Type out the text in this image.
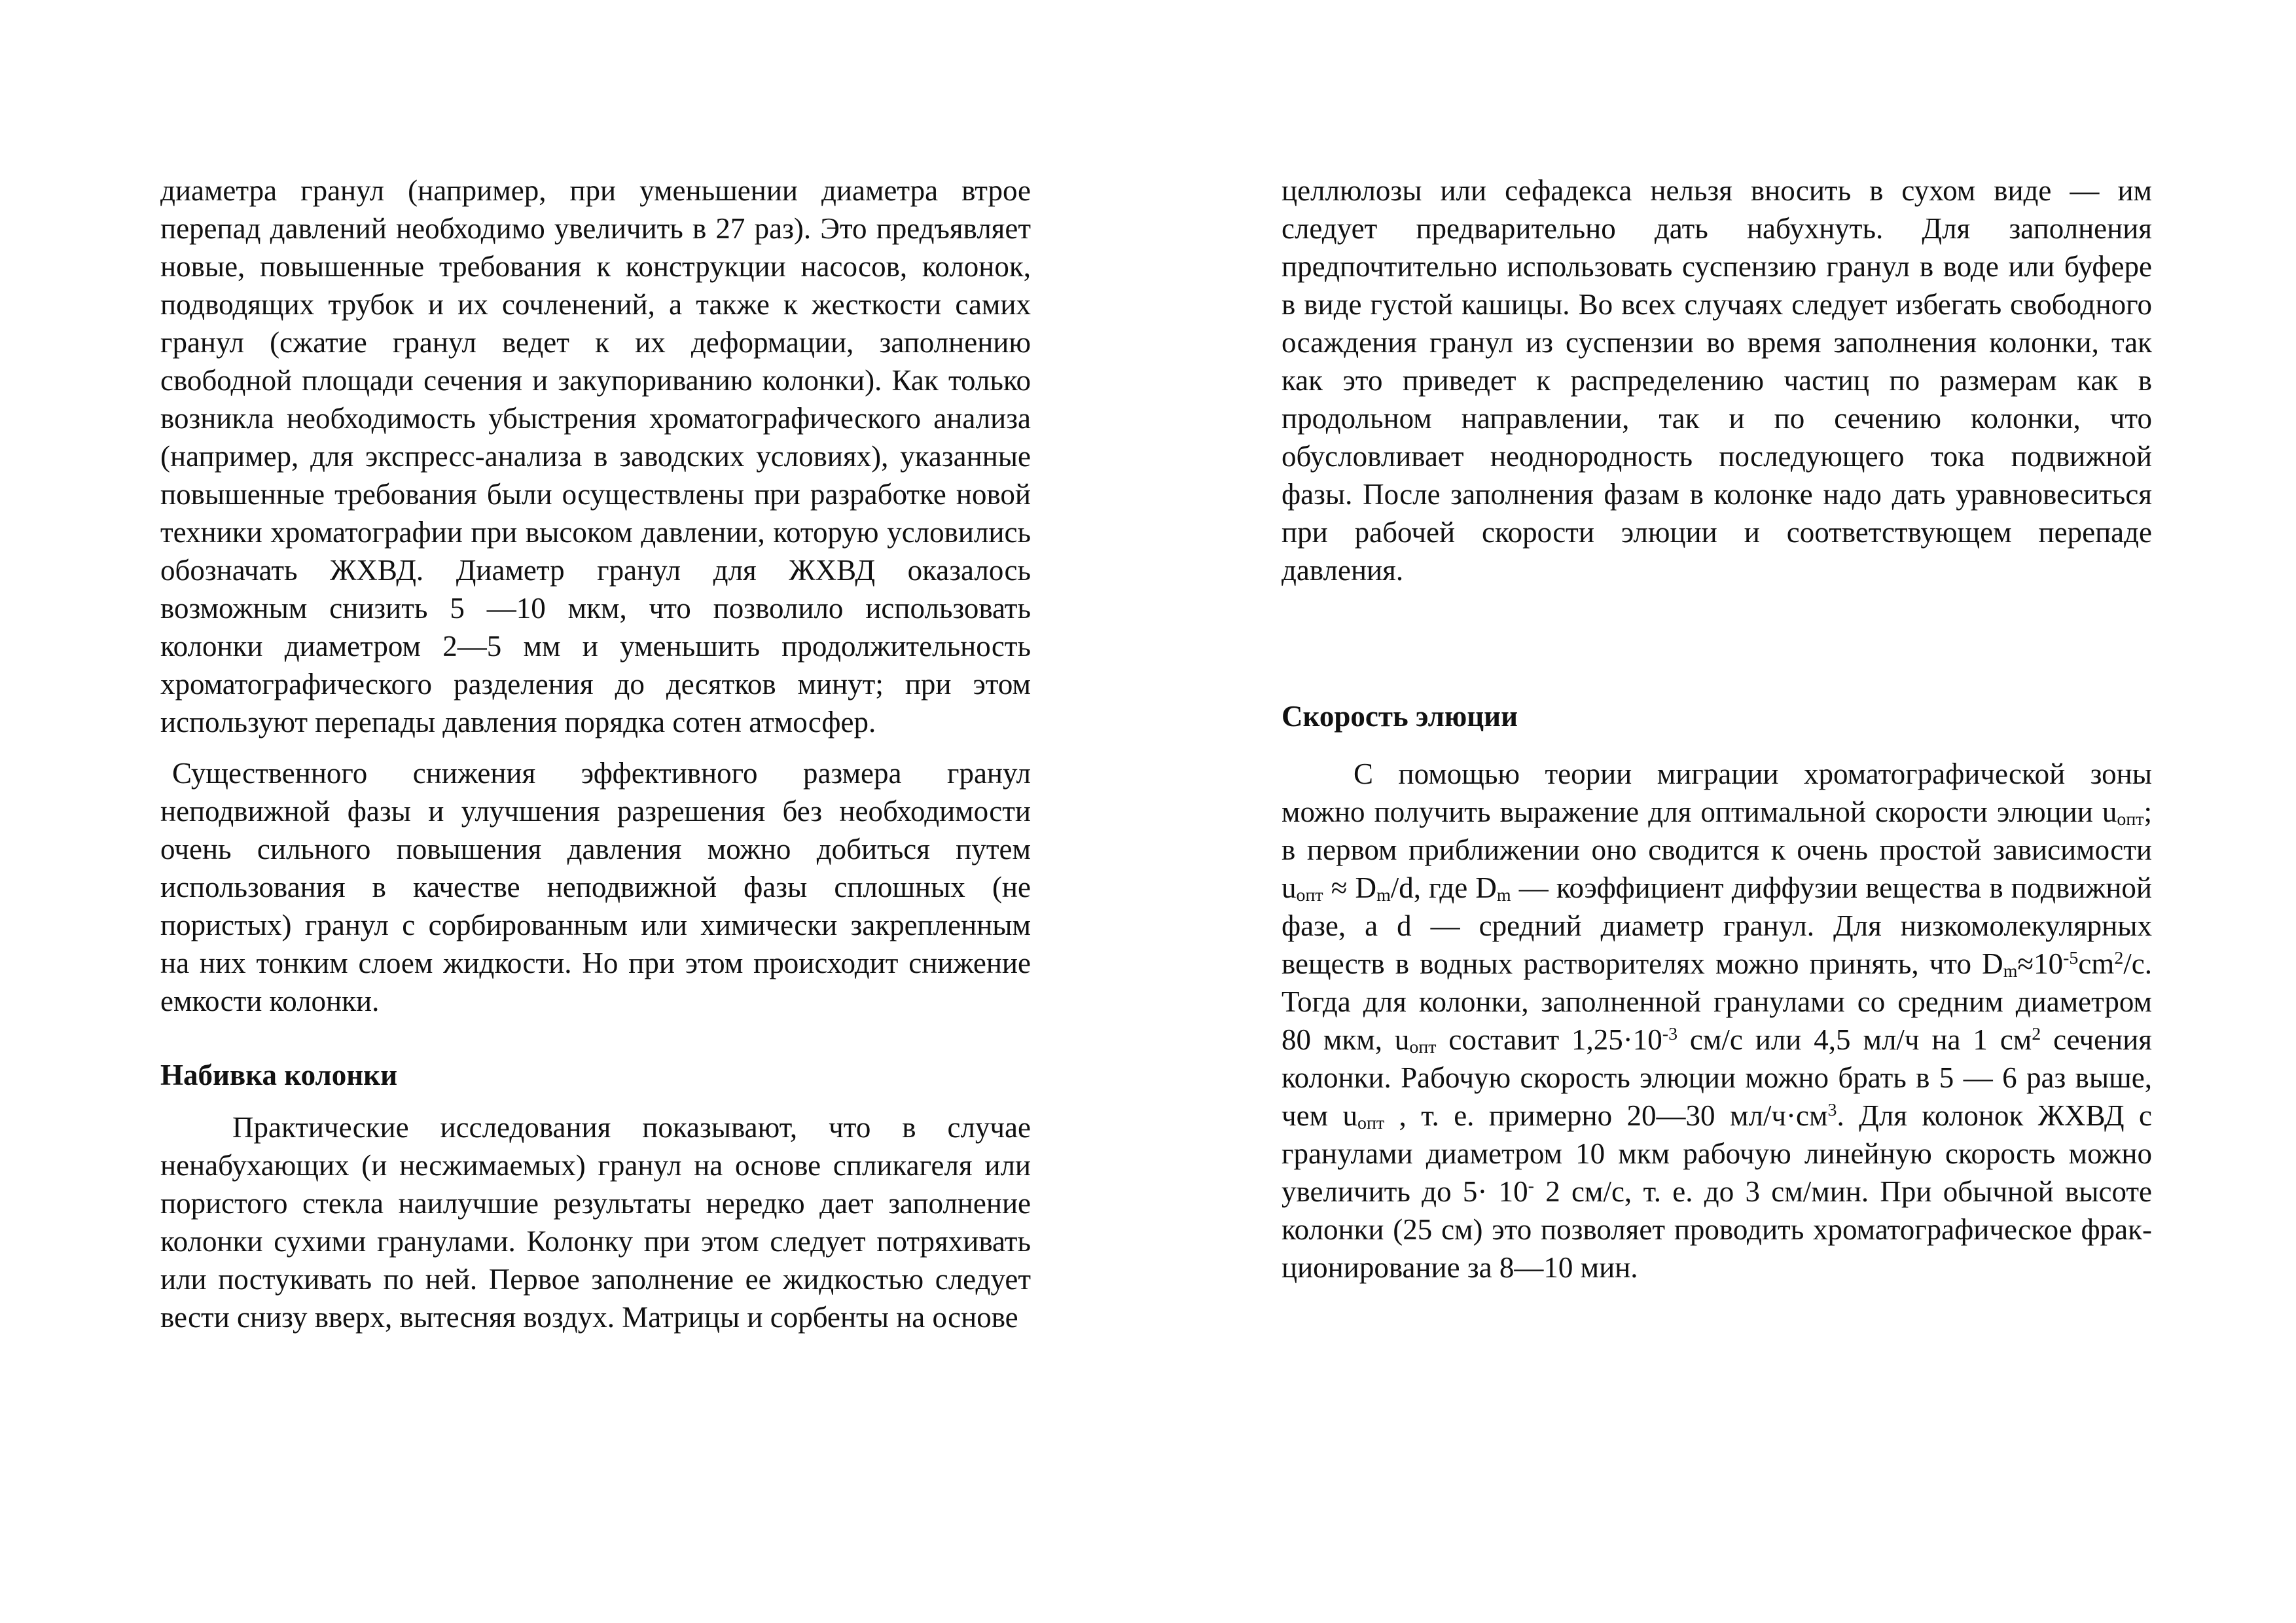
диаметра гранул (например, при уменьшении диаметра втрое перепад давлений необходимо увеличить в 27 раз). Это предъявляет новые, повышенные требования к конструкции насосов, колонок, подводящих трубок и их сочленений, а также к жесткости самих гранул (сжатие гранул ведет к их деформации, заполнению свободной площади сечения и закупориванию колонки). Как только возникла необходимость убыстрения хроматографического анализа (например, для экспресс-анализа в заводских условиях), указанные повышенные требования были осуществлены при разработке новой техники хроматографии при высоком давлении, которую условились обозначать ЖХВД. Диаметр гранул для ЖХВД оказалось возможным снизить 5 —10 мкм, что позволило использовать колонки диаметром 2—5 мм и уменьшить продолжительность хроматографического разделения до десятков минут; при этом используют перепады давления порядка сотен атмосфер.

Существенного снижения эффективного размера гранул неподвижной фазы и улучшения разрешения без необходимости очень сильного повышения давления можно добиться путем использования в качестве неподвижной фазы сплошных (не пористых) гранул с сорбированным или химически закрепленным на них тонким слоем жидкости. Но при этом происходит снижение емкости колонки.

Набивка колонки

Практические исследования показывают, что в случае ненабухающих (и несжимаемых) гранул на основе спликагеля или пористого стекла наилучшие результаты нередко дает заполнение колонки сухими гранулами. Колонку при этом следует потряхивать или постукивать по ней. Первое заполнение ее жидкостью следует вести снизу вверх, вытесняя воздух. Матрицы и сорбенты на основе

целлюлозы или сефадекса нельзя вносить в сухом виде — им следует предварительно дать набухнуть. Для заполнения предпочтительно использовать суспензию гранул в воде или буфере в виде густой кашицы. Во всех случаях следует избегать свободного осаждения гранул из суспензии во время заполнения колонки, так как это приведет к распределению частиц по размерам как в продольном направлении, так и по сечению колонки, что обусловливает неоднородность последующего тока подвижной фазы. После заполнения фазам в колонке надо дать уравновеситься при рабочей скорости элюции и соответствующем перепаде давления.

Скорость элюции

С помощью теории миграции хроматографической зоны можно получить выражение для оптимальной скорости элюции $u_{опт}$; в первом приближении оно сводится к очень простой зависимости $u_{опт} \approx D_m/d$, где $D_m$ — коэффициент диффузии вещества в подвижной фазе, а d — средний диаметр гранул. Для низкомолекулярных веществ в водных растворителях можно принять, что $D_m\approx 10^{-5}cm^2/с$. Тогда для колонки, заполненной гранулами со средним диаметром 80 мкм, $u_{опт}$ составит $1,25\cdot 10^{-3}$ см/с или 4,5 мл/ч на 1 $см^2$ сечения колонки. Рабочую скорость элюции можно брать в 5 — 6 раз выше, чем $u_{опт}$ , т. е. примерно 20—30 $мл/ч\cdot см^3$. Для колонок ЖХВД с гранулами диаметром 10 мкм рабочую линейную скорость можно увеличить до 5· 10- 2 см/с, т. е. до 3 см/мин. При обычной высоте колонки (25 см) это позволяет проводить хроматографическое фракционирование за 8—10 мин.
